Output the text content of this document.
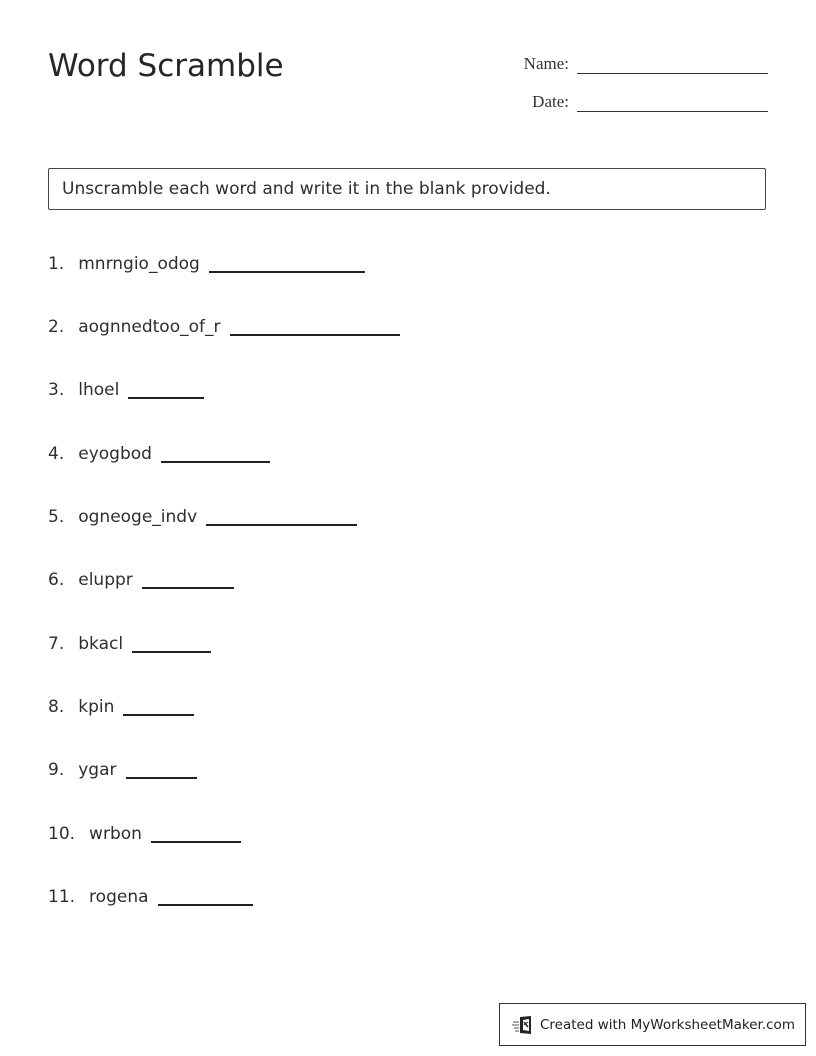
Word Scramble	Name:
Date:
Unscramble each word and write it in the blank provided.
1. mnrngio_odog
2. aognnedtoo_of_r
3. lhoel
4. eyogbod
5. ogneoge_indv
6. eluppr
7. bkacl
8. kpin
9. ygar
10. wrbon
11. rogena
Created with MyWorksheetMaker.com
